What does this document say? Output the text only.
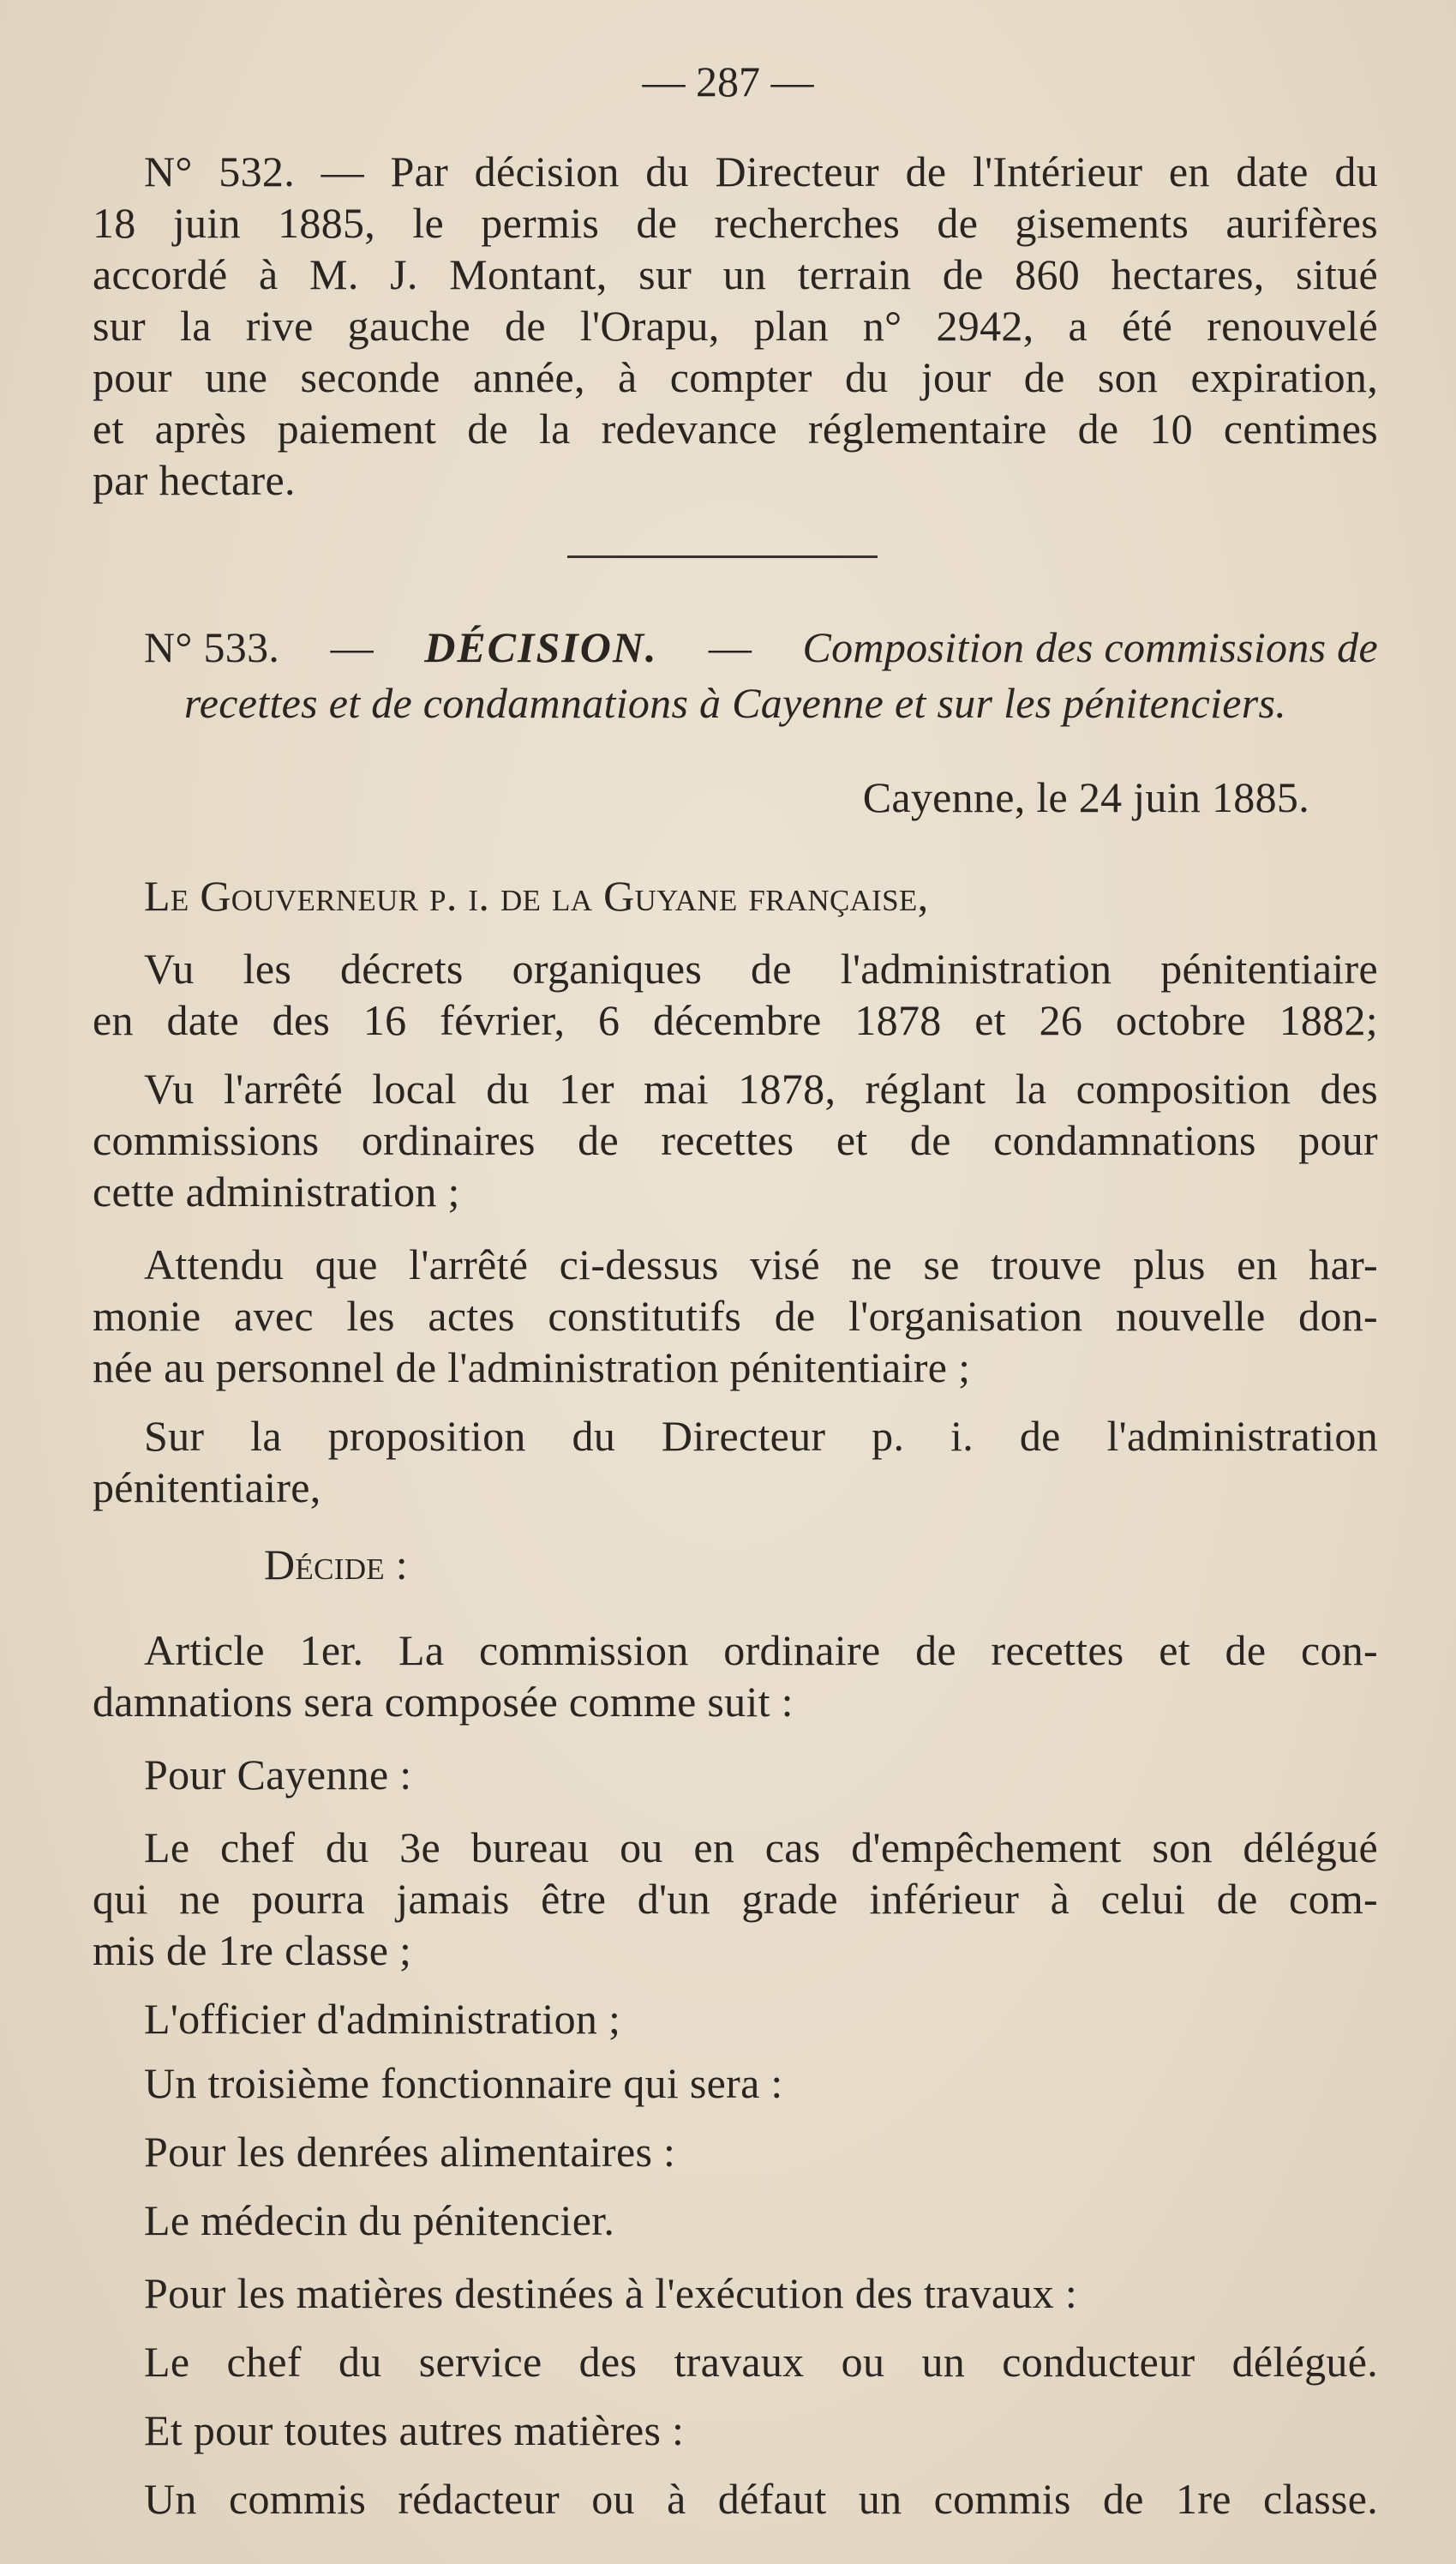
— 287 —
N° 532. — Par décision du Directeur de l'Intérieur en date du
18 juin 1885, le permis de recherches de gisements aurifères
accordé à M. J. Montant, sur un terrain de 860 hectares, situé
sur la rive gauche de l'Orapu, plan n° 2942, a été renouvelé
pour une seconde année, à compter du jour de son expiration,
et après paiement de la redevance réglementaire de 10 centimes
par hectare.
N° 533. — DÉCISION. — Composition des commissions de
recettes et de condamnations à Cayenne et sur les pénitenciers.
Cayenne, le 24 juin 1885.
Le Gouverneur p. i. de la Guyane française,
Vu les décrets organiques de l'administration pénitentiaire
en date des 16 février, 6 décembre 1878 et 26 octobre 1882;
Vu l'arrêté local du 1er mai 1878, réglant la composition des
commissions ordinaires de recettes et de condamnations pour
cette administration ;
Attendu que l'arrêté ci-dessus visé ne se trouve plus en har-
monie avec les actes constitutifs de l'organisation nouvelle don-
née au personnel de l'administration pénitentiaire ;
Sur la proposition du Directeur p. i. de l'administration
pénitentiaire,
Décide :
Article 1er. La commission ordinaire de recettes et de con-
damnations sera composée comme suit :
Pour Cayenne :
Le chef du 3e bureau ou en cas d'empêchement son délégué
qui ne pourra jamais être d'un grade inférieur à celui de com-
mis de 1re classe ;
L'officier d'administration ;
Un troisième fonctionnaire qui sera :
Pour les denrées alimentaires :
Le médecin du pénitencier.
Pour les matières destinées à l'exécution des travaux :
Le chef du service des travaux ou un conducteur délégué.
Et pour toutes autres matières :
Un commis rédacteur ou à défaut un commis de 1re classe.
